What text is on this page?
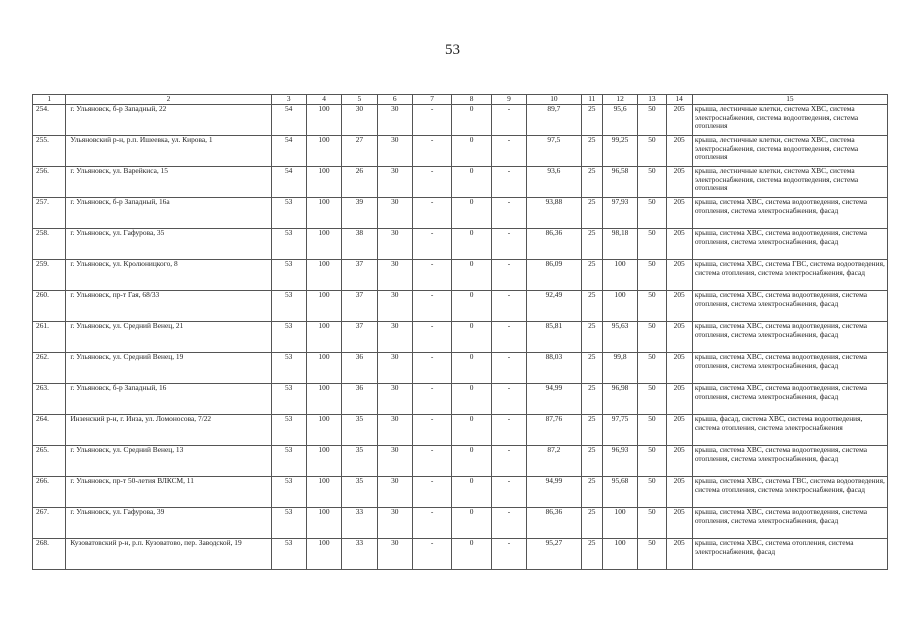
53
1	2	3	4	5	6	7	8	9	10	11	12	13	14	15
254.	г. Ульяновск, б-р Западный, 22	54	100	30	30	-	0	-	89,7	25	95,6	50	205	крыша, лестничные клетки, система ХВС, система электроснабжения, система водоотведения, система отопления
255.	Ульяновский р-н, р.п. Ишеевка, ул. Кирова, 1	54	100	27	30	-	0	-	97,5	25	99,25	50	205	крыша, лестничные клетки, система ХВС, система электроснабжения, система водоотведения, система отопления
256.	г. Ульяновск, ул. Варейкиса, 15	54	100	26	30	-	0	-	93,6	25	96,58	50	205	крыша, лестничные клетки, система ХВС, система электроснабжения, система водоотведения, система отопления
257.	г. Ульяновск, б-р Западный, 16а	53	100	39	30	-	0	-	93,88	25	97,93	50	205	крыша, система ХВС, система водоотведения, система отопления, система электроснабжения, фасад
258.	г. Ульяновск, ул. Гафурова, 35	53	100	38	30	-	0	-	86,36	25	98,18	50	205	крыша, система ХВС, система водоотведения, система отопления, система электроснабжения, фасад
259.	г. Ульяновск, ул. Кролюницкого, 8	53	100	37	30	-	0	-	86,09	25	100	50	205	крыша, система ХВС, система ГВС, система водоотведения, система отопления, система электроснабжения, фасад
260.	г. Ульяновск, пр-т Гая, 68/33	53	100	37	30	-	0	-	92,49	25	100	50	205	крыша, система ХВС, система водоотведения, система отопления, система электроснабжения, фасад
261.	г. Ульяновск, ул. Средний Венец, 21	53	100	37	30	-	0	-	85,81	25	95,63	50	205	крыша, система ХВС, система водоотведения, система отопления, система электроснабжения, фасад
262.	г. Ульяновск, ул. Средний Венец, 19	53	100	36	30	-	0	-	88,03	25	99,8	50	205	крыша, система ХВС, система водоотведения, система отопления, система электроснабжения, фасад
263.	г. Ульяновск, б-р Западный, 16	53	100	36	30	-	0	-	94,99	25	96,98	50	205	крыша, система ХВС, система водоотведения, система отопления, система электроснабжения, фасад
264.	Инзенский р-н, г. Инза, ул. Ломоносова, 7/22	53	100	35	30	-	0	-	87,76	25	97,75	50	205	крыша, фасад, система ХВС, система водоотведения, система отопления, система электроснабжения
265.	г. Ульяновск, ул. Средний Венец, 13	53	100	35	30	-	0	-	87,2	25	96,93	50	205	крыша, система ХВС, система водоотведения, система отопления, система электроснабжения, фасад
266.	г. Ульяновск, пр-т 50-летия ВЛКСМ, 11	53	100	35	30	-	0	-	94,99	25	95,68	50	205	крыша, система ХВС, система ГВС, система водоотведения, система отопления, система электроснабжения, фасад
267.	г. Ульяновск, ул. Гафурова, 39	53	100	33	30	-	0	-	86,36	25	100	50	205	крыша, система ХВС, система водоотведения, система отопления, система электроснабжения, фасад
268.	Кузоватовский р-н, р.п. Кузоватово, пер. Заводской, 19	53	100	33	30	-	0	-	95,27	25	100	50	205	крыша, система ХВС, система отопления, система электроснабжения, фасад
